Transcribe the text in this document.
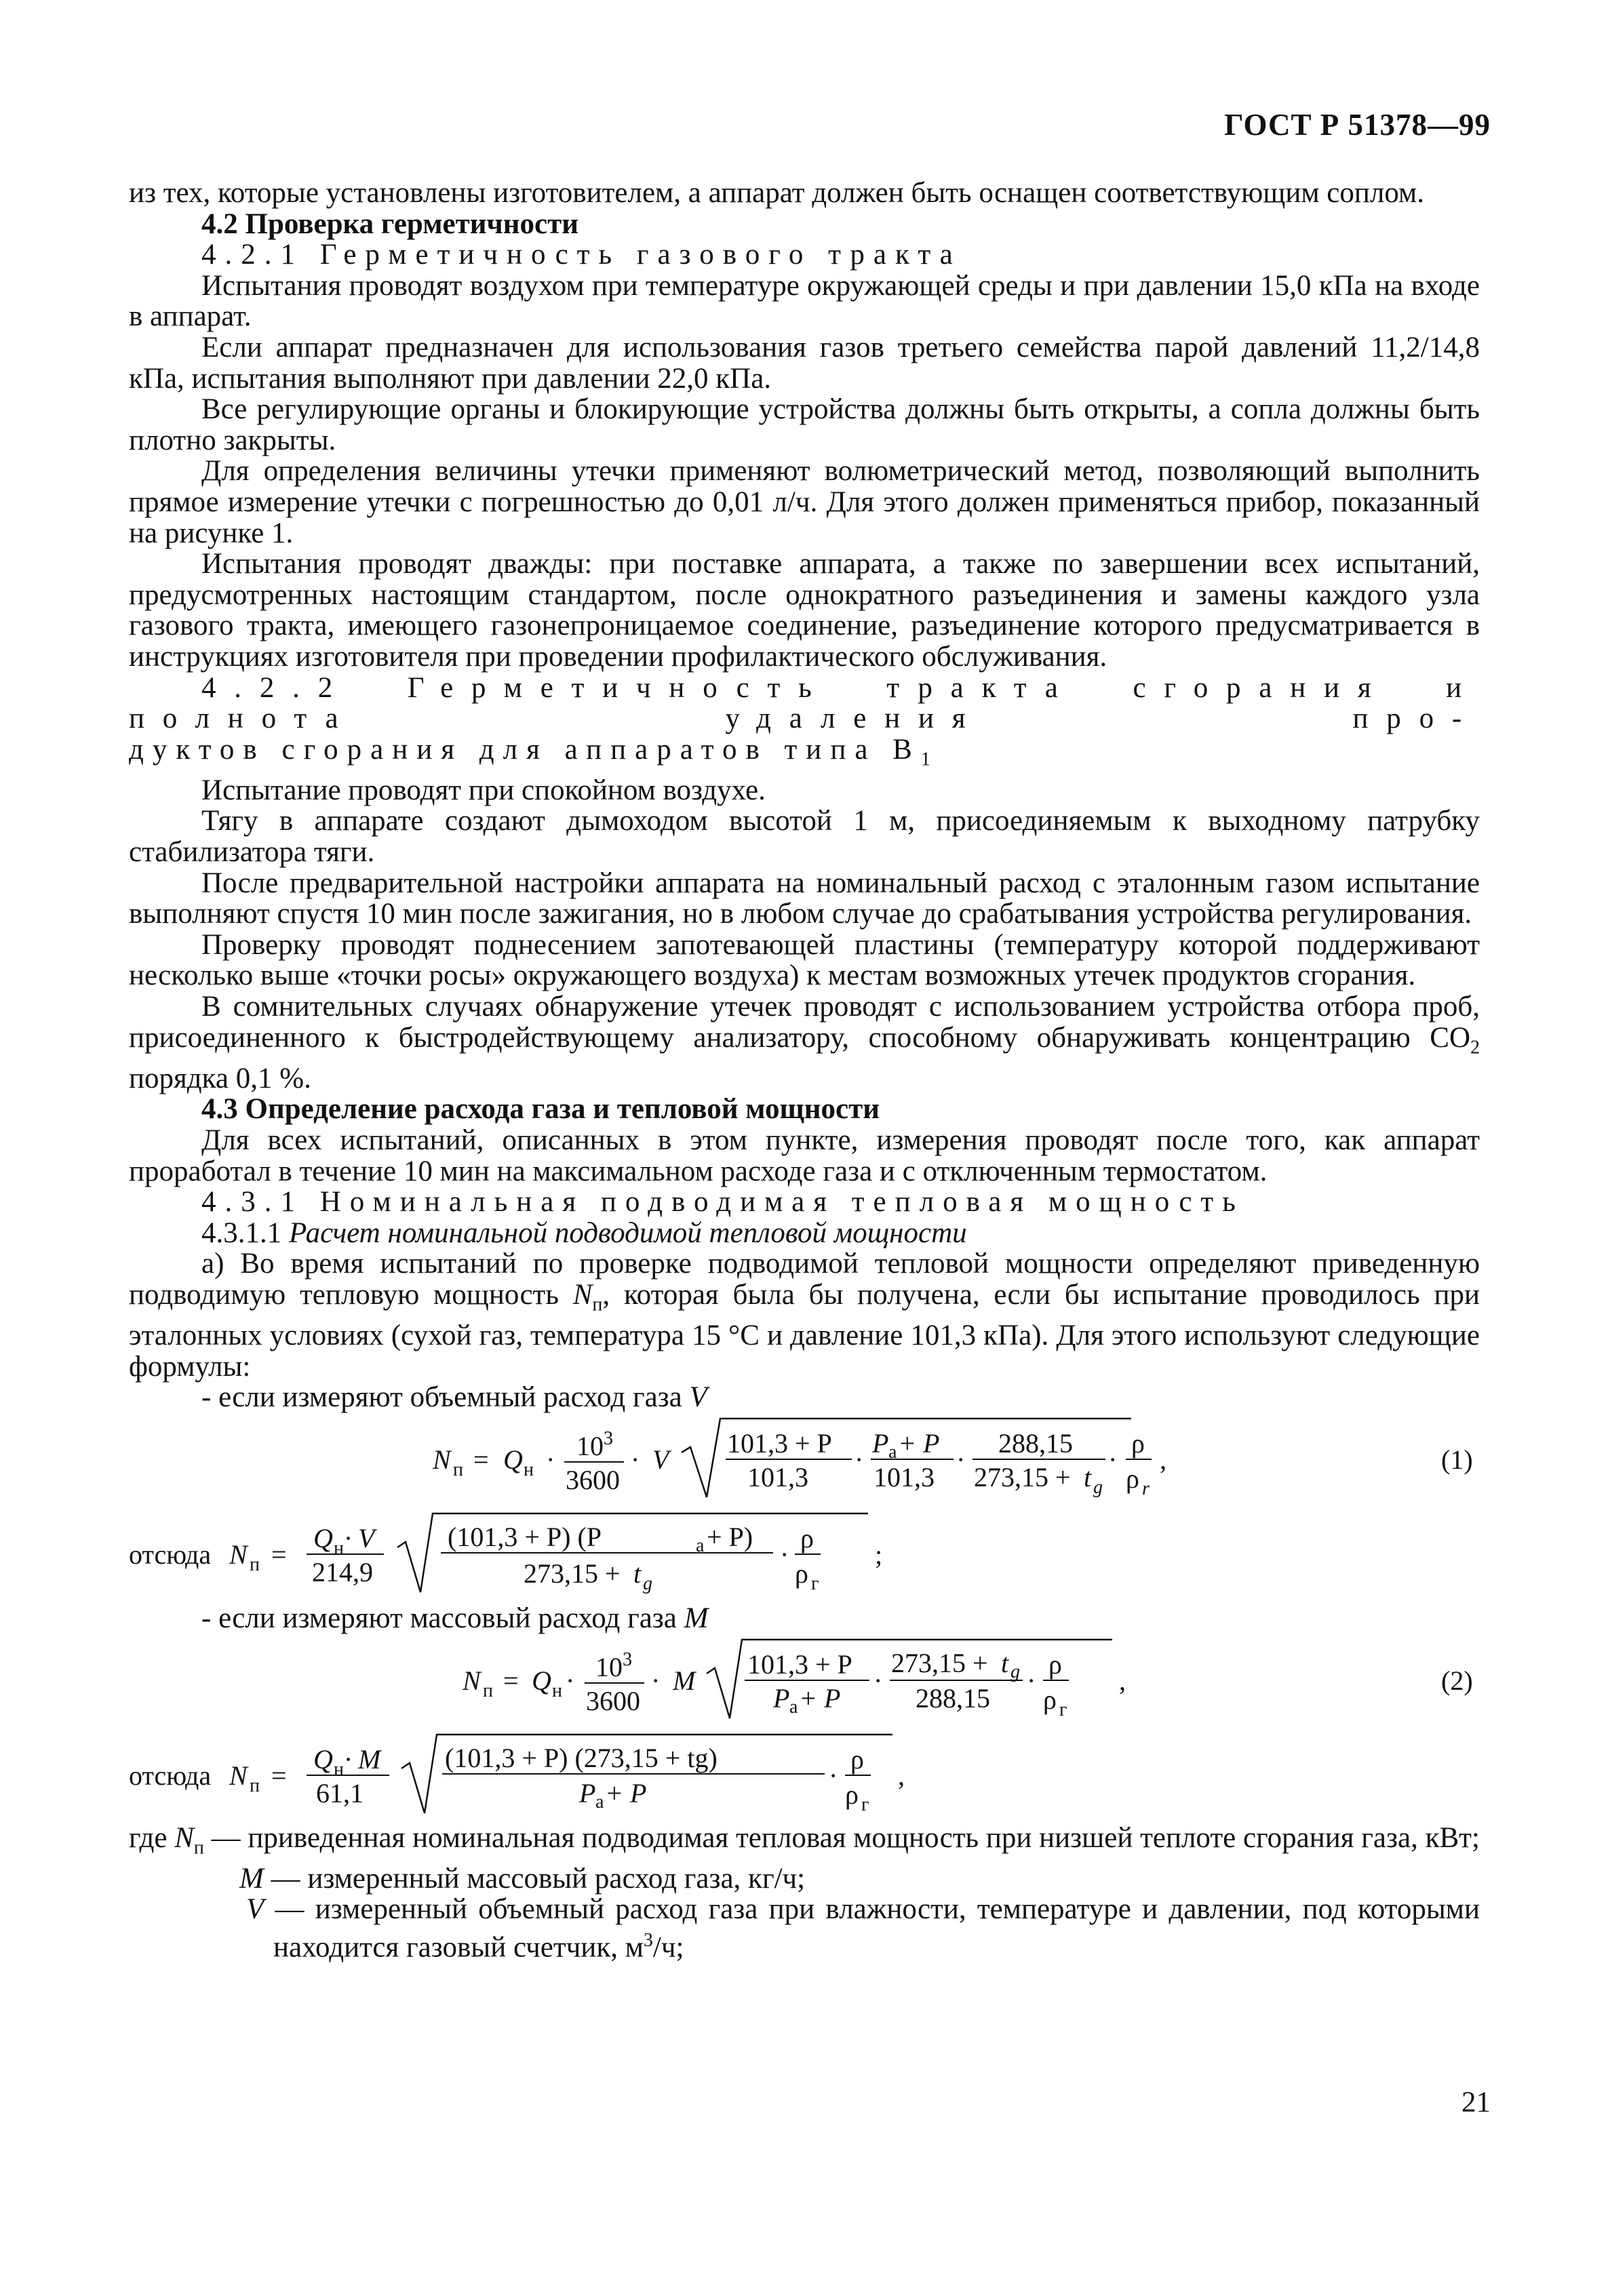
ГОСТ Р 51378—99

из тех, которые установлены изготовителем, а аппарат должен быть оснащен соответствующим соплом.

4.2 Проверка герметичности

4.2.1 Герметичность газового тракта

Испытания проводят воздухом при температуре окружающей среды и при давлении 15,0 кПа на входе в аппарат.

Если аппарат предназначен для использования газов третьего семейства парой давлений 11,2/14,8 кПа, испытания выполняют при давлении 22,0 кПа.

Все регулирующие органы и блокирующие устройства должны быть открыты, а сопла должны быть плотно закрыты.

Для определения величины утечки применяют волюметрический метод, позволяющий выполнить прямое измерение утечки с погрешностью до 0,01 л/ч. Для этого должен применяться прибор, показанный на рисунке 1.

Испытания проводят дважды: при поставке аппарата, а также по завершении всех испытаний, предусмотренных настоящим стандартом, после однократного разъединения и замены каждого узла газового тракта, имеющего газонепроницаемое соединение, разъединение которого предусматривается в инструкциях изготовителя при проведении профилактического обслуживания.

4.2.2 Герметичность тракта сгорания и полнота удаления про-

дуктов сгорания для аппаратов типа $B_1$

Испытание проводят при спокойном воздухе.

Тягу в аппарате создают дымоходом высотой 1 м, присоединяемым к выходному патрубку стабилизатора тяги.

После предварительной настройки аппарата на номинальный расход с эталонным газом испытание выполняют спустя 10 мин после зажигания, но в любом случае до срабатывания устройства регулирования.

Проверку проводят поднесением запотевающей пластины (температуру которой поддерживают несколько выше «точки росы» окружающего воздуха) к местам возможных утечек продуктов сгорания.

В сомнительных случаях обнаружение утечек проводят с использованием устройства отбора проб, присоединенного к быстродействующему анализатору, способному обнаруживать концентрацию $СО_2$ порядка 0,1 %.

4.3 Определение расхода газа и тепловой мощности

Для всех испытаний, описанных в этом пункте, измерения проводят после того, как аппарат проработал в течение 10 мин на максимальном расходе газа и с отключенным термостатом.

4.3.1 Номинальная подводимая тепловая мощность

4.3.1.1 Расчет номинальной подводимой тепловой мощности

а) Во время испытаний по проверке подводимой тепловой мощности определяют приведенную подводимую тепловую мощность $N_п$, которая была бы получена, если бы испытание проводилось при эталонных условиях (сухой газ, температура 15 °С и давление 101,3 кПа). Для этого используют следующие формулы:

- если измеряют объемный расход газа V

N п = Q н · 10 3
3600
· V
101,3 + P
101,3
·
P a + P
101,3
·
288,15
273,15 + t g
·
ρ
ρ r
,	(1)
отсюда N п =
Q н · V
214,9
(101,3 + P) (P	a + P)
273,15 + t g
·
ρ
ρ г
;

- если измеряют массовый расход газа M

N п = Q н · 10 3
3600
· M
101,3 + P
P a + P
·
273,15 + t g
288,15
·
ρ
ρ г
,	(2)
отсюда N п =
Q н · M
61,1
(101,3 + P) (273,15 + tg)
P a + P
·
ρ
ρ г
,

где $N_п$ — приведенная номинальная подводимая тепловая мощность при низшей теплоте сгорания газа, кВт;

M — измеренный массовый расход газа, кг/ч;

V — измеренный объемный расход газа при влажности, температуре и давлении, под которыми находится газовый счетчик, $м^3/ч$;

21
